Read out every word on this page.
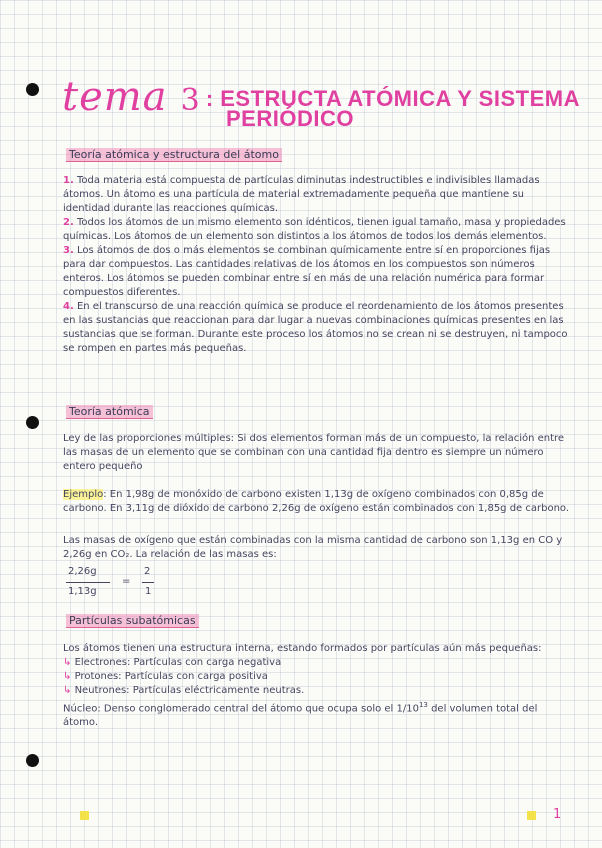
tema 3 : ESTRUCTA ATÓMICA Y SISTEMA
PERIÓDICO
Teoría atómica y estructura del átomo
1. Toda materia está compuesta de partículas diminutas indestructibles e indivisibles llamadas átomos. Un átomo es una partícula de material extremadamente pequeña que mantiene su identidad durante las reacciones químicas.
2. Todos los átomos de un mismo elemento son idénticos, tienen igual tamaño, masa y propiedades químicas. Los átomos de un elemento son distintos a los átomos de todos los demás elementos.
3. Los átomos de dos o más elementos se combinan químicamente entre sí en proporciones fijas para dar compuestos. Las cantidades relativas de los átomos en los compuestos son números enteros. Los átomos se pueden combinar entre sí en más de una relación numérica para formar compuestos diferentes.
4. En el transcurso de una reacción química se produce el reordenamiento de los átomos presentes en las sustancias que reaccionan para dar lugar a nuevas combinaciones químicas presentes en las sustancias que se forman. Durante este proceso los átomos no se crean ni se destruyen, ni tampoco se rompen en partes más pequeñas.
Teoría atómica
Ley de las proporciones múltiples: Si dos elementos forman más de un compuesto, la relación entre las masas de un elemento que se combinan con una cantidad fija dentro es siempre un número entero pequeño
Ejemplo: En 1,98g de monóxido de carbono existen 1,13g de oxígeno combinados con 0,85g de carbono. En 3,11g de dióxido de carbono 2,26g de oxígeno están combinados con 1,85g de carbono.
Las masas de oxígeno que están combinadas con la misma cantidad de carbono son 1,13g en CO y 2,26g en CO₂. La relación de las masas es:
2,26g
1,13g
=
2
1
Partículas subatómicas
Los átomos tienen una estructura interna, estando formados por partículas aún más pequeñas:
↳ Electrones: Partículas con carga negativa
↳ Protones: Partículas con carga positiva
↳ Neutrones: Partículas eléctricamente neutras.
Núcleo: Denso conglomerado central del átomo que ocupa solo el $1/10^{13}$ del volumen total del átomo.
1
